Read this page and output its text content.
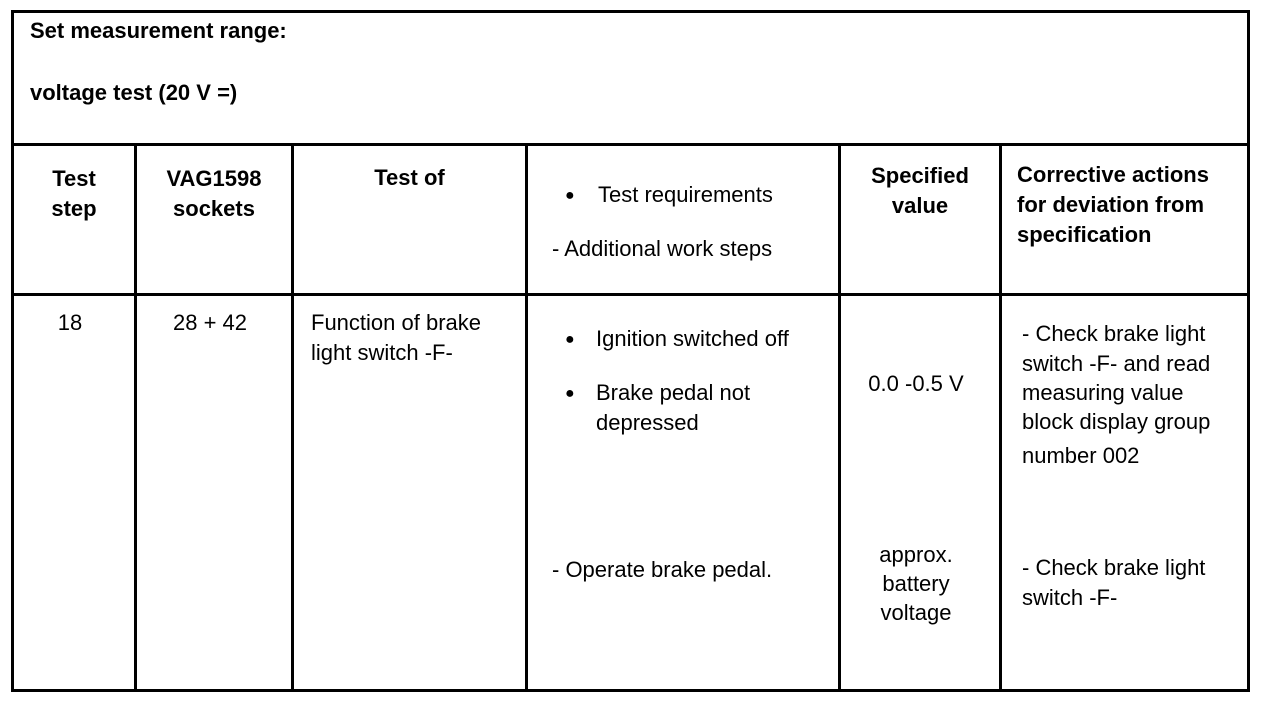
Set measurement range:
voltage test (20 V =)
Test
step
VAG1598
sockets
Test of
● Test requirements
- Additional work steps
Specified
value
Corrective actions
for deviation from
specification
18	28 + 42	Function of brake
light switch -F-
● Ignition switched off
● Brake pedal not
depressed
- Operate brake pedal.
0.0 -0.5 V
approx.
battery
voltage
- Check brake light
switch -F- and read
measuring value
block display group
number 002
- Check brake light
switch -F-
